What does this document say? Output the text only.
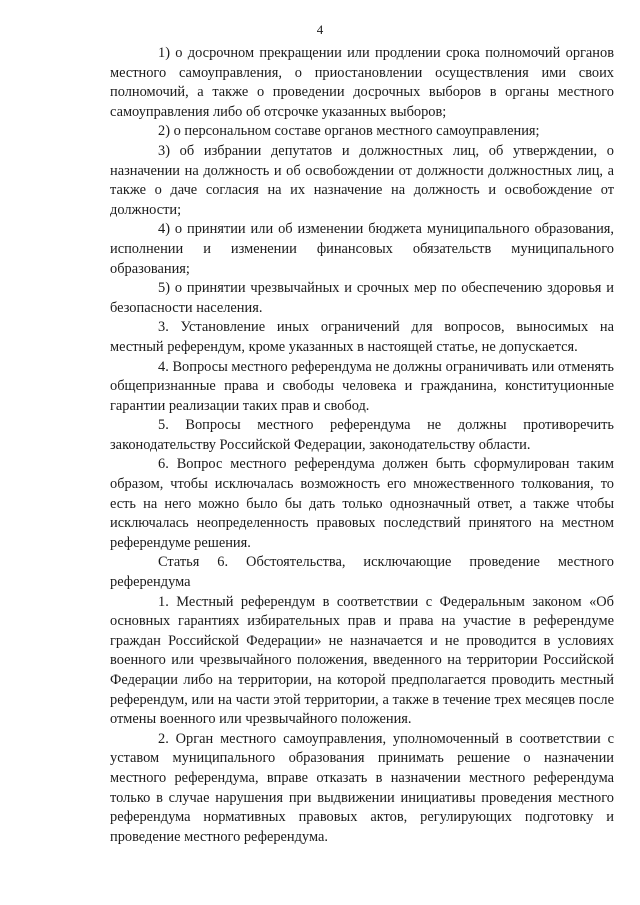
4

1) о досрочном прекращении или продлении срока полномочий органов местного самоуправления, о приостановлении осуществления ими своих полномочий, а также о проведении досрочных выборов в органы местного самоуправления либо об отсрочке указанных выборов;

2) о персональном составе органов местного самоуправления;

3) об избрании депутатов и должностных лиц, об утверждении, о назначении на должность и об освобождении от должности должностных лиц, а также о даче согласия на их назначение на должность и освобождение от должности;

4) о принятии или об изменении бюджета муниципального образования, исполнении и изменении финансовых обязательств муниципального образования;

5) о принятии чрезвычайных и срочных мер по обеспечению здоровья и безопасности населения.

3. Установление иных ограничений для вопросов, выносимых на местный референдум, кроме указанных в настоящей статье, не допускается.

4. Вопросы местного референдума не должны ограничивать или отменять общепризнанные права и свободы человека и гражданина, конституционные гарантии реализации таких прав и свобод.

5. Вопросы местного референдума не должны противоречить законодательству Российской Федерации, законодательству области.

6. Вопрос местного референдума должен быть сформулирован таким образом, чтобы исключалась возможность его множественного толкования, то есть на него можно было бы дать только однозначный ответ, а также чтобы исключалась неопределенность правовых последствий принятого на местном референдуме решения.

Статья 6. Обстоятельства, исключающие проведение местного референдума

1. Местный референдум в соответствии с Федеральным законом «Об основных гарантиях избирательных прав и права на участие в референдуме граждан Российской Федерации» не назначается и не проводится в условиях военного или чрезвычайного положения, введенного на территории Российской Федерации либо на территории, на которой предполагается проводить местный референдум, или на части этой территории, а также в течение трех месяцев после отмены военного или чрезвычайного положения.

2. Орган местного самоуправления, уполномоченный в соответствии с уставом муниципального образования принимать решение о назначении местного референдума, вправе отказать в назначении местного референдума только в случае нарушения при выдвижении инициативы проведения местного референдума нормативных правовых актов, регулирующих подготовку и проведение местного референдума.
